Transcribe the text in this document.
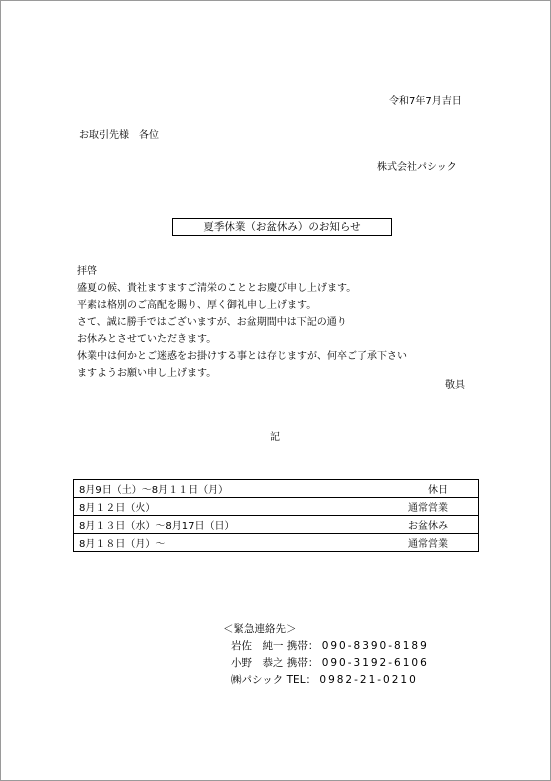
令和7年7月吉日
お取引先様　各位
株式会社パシック
夏季休業（お盆休み）のお知らせ
拝啓
盛夏の候、貴社ますますご清栄のこととお慶び申し上げます。
平素は格別のご高配を賜り、厚く御礼申し上げます。
さて、誠に勝手ではございますが、お盆期間中は下記の通り
お休みとさせていただきます。
休業中は何かとご迷惑をお掛けする事とは存じますが、何卒ご了承下さい
ますようお願い申し上げます。
敬具
記
8月9日（土）～8月１１日（月）	休日
8月１２日（火）	通常営業
8月１３日（水）～8月17日（日）	お盆休み
8月１８日（月）～	通常営業
＜緊急連絡先＞
岩佐　純一 携帯： 090-8390-8189
小野　恭之 携帯： 090-3192-6106
㈱パシック TEL： 0982-21-0210
